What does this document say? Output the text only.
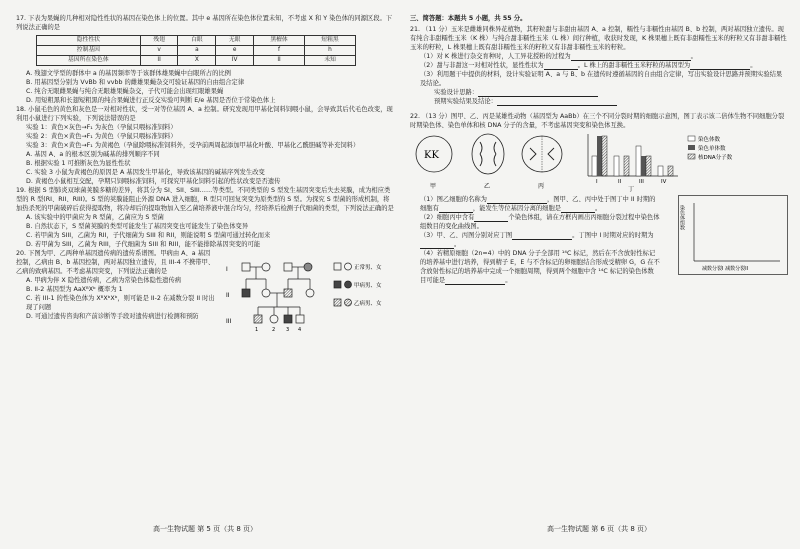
17. 下表为果蝇的几种相对隐性性状的基因在染色体上的位置。其中 e 基因所在染色体位置未知，不考虑 X 和 Y 染色体的同源区段。下列说法正确的是

隐性性状	残翅	白眼	无眼	黑檀体	短粗黑
控制基因	v	a	e	f	h
基因所在染色体	II	X	IV	II	未知

A. 残翅文学型的群体中 a 的基因频率等于该群体雄果蝇中白眼所占的比例

B. 用基因型分别为 VvBb 和 vvbb 的雌雄果蝇杂交可验证基因的自由组合定律

C. 纯合无眼雌果蝇与纯合无眼雄果蝇杂交，子代可能会出现红眼雄果蝇

D. 用短粗黑和长翅短粗黑的纯合果蝇进行正反交实验可判断 E/e 基因是否位于常染色体上

18. 小鼠毛色的黄色和灰色是一对相对性状，受一对等位基因 A、a 控制。研究发现用甲基化饲料饲喂小鼠，会导致其后代毛色改变，现利用小鼠进行下列实验，下列说法错误的是

实验 1：黄色×灰色→F₁ 为灰色（孕鼠只喂标准饲料）

实验 2：黄色×黄色→F₁ 为黄色（孕鼠只喂标准饲料）

实验 3：黄色×黄色→F₁ 为黄褐色（孕鼠除喂标准饲料外，受孕前两周起添加甲基化叶酸、甲基化乙酰胆碱等补充饲料）

A. 基因 A、a 的根本区别为碱基的排列顺序不同

B. 根据实验 1 可推断灰色为显性性状

C. 实验 3 小鼠为黄褐色的原因是 A 基因发生甲基化，导致该基因的碱基序列发生改变

D. 黄褐色小鼠相互交配，孕期只饲喂标准饲料，可探究甲基化饲料引起的性状改变是否遗传

19. 根据 S 型肺炎双球菌荚膜多糖的差异，将其分为 SI、SII、SIII……等类型。不同类型的 S 型发生基因突变后失去荚膜，成为相应类型的 R 型(RI、RII、RIII)。S 型的荚膜能阻止外源 DNA 进入细胞，R 型只可回复突变为原类型的 S 型。为探究 S 型菌的形成机制，将加热杀死的甲菌破碎后获得提取物，将冷却后的提取物加入至乙菌培养液中混合均匀，经培养后检测子代细菌的类型，下列说法正确的是

A. 该实验中的甲菌应为 R 型菌，乙菌应为 S 型菌

B. 自然状态下，S 型菌荚膜的类型可能发生了基因突变也可能发生了染色体变异

C. 若甲菌为 SIII，乙菌为 RII，子代细菌为 SIII 和 RII，则能说明 S 型菌可通过转化而来

D. 若甲菌为 SIII，乙菌为 RIII，子代细菌为 SIII 和 RIII，能不能排除基因突变的可能

20. 下图为甲、乙两种单基因遗传病的遗传系谱图。甲病由 A、a 基因控制，乙病由 B、b 基因控制，两对基因独立遗传，且 III-4 不携带甲、乙病的致病基因。不考虑基因突变，下列说法正确的是

A. 甲病为伴 X 隐性遗传病，乙病为常染色体隐性遗传病

B. II-2 基因型为 AaXᴮXᵇ 概率为 1

C. 若 III-1 的性染色体为 XᴮXᵇXᵇ，则可能是 II-2 在减数分裂 II 时出现了问题

D. 可通过遗传咨询和产前诊断等手段对遗传病进行检测和预防

I
II
III
1	2 3 4
正常男、女
甲病男、女
乙病男、女
高一生物试题 第 5 页（共 8 页）

三、简答题：本题共 5 小题，共 55 分。

21. （11 分）玉米是雌雄同株异花植物，其籽粒甜与非甜由基因 A、a 控制，糯性与非糯性由基因 B、b 控制，两对基因独立遗传。现有纯合非甜糯性玉米（K 株）与纯合甜非糯性玉米（L 株）间行种植，收获时发现，K 株果穗上既有非甜糯性玉米的籽粒又有非甜非糯性玉米的籽粒，L 株果穗上既有甜非糯性玉米的籽粒又有非甜非糯性玉米的籽粒。

（1）对 K 株进行杂交育种时，人工异花授粉的过程为	。

（2）甜与非甜这一对相对性状，显性性状为	。L 株上的甜非糯性玉米籽粒的基因型为	。

（3）利用题干中提供的材料，设计实验证明 A、a 与 B、b 在遗传时遵循基因的自由组合定律，写出实验设计思路并预期实验结果及结论。

实验设计思路：

预期实验结果及结论：

22. （13 分）图甲、乙、丙是某雄性动物（基因型为 AaBb）在三个不同分裂时期的细胞示意图，图丁表示该二倍体生物不同细胞分裂时期染色体、染色单体和核 DNA 分子的含量，不考虑基因突变和染色体互换。

KK
甲	乙	丙
I	II	III	IV
丁
染色体数
染色单体数
核DNA分子数

（1）图乙细胞的名称为	，图甲、乙、丙中处于图丁中 II 时期的细胞有	，能发生等位基因分离的细胞是	。

（2）细胞丙中含有	个染色体组，请在方框内画出丙细胞分裂过程中染色体组数目的变化曲线图。

（3）甲、乙、丙图分别对应丁图	。丁图中 I 时期对应的时期为。

（4）若精原细胞（2n=4）中的 DNA 分子全部用 ¹⁴C 标记，然后在不含放射性标记的培养基中进行培养，得到精子 E，E 与不含标记的卵细胞结合形成受精卵 G，G 在不含放射性标记的培养基中完成一个细胞周期，得到两个细胞中含 ¹⁴C 标记的染色体数目可能是	。

染色体组数
减数分裂I 减数分裂II
高一生物试题 第 6 页（共 8 页）
